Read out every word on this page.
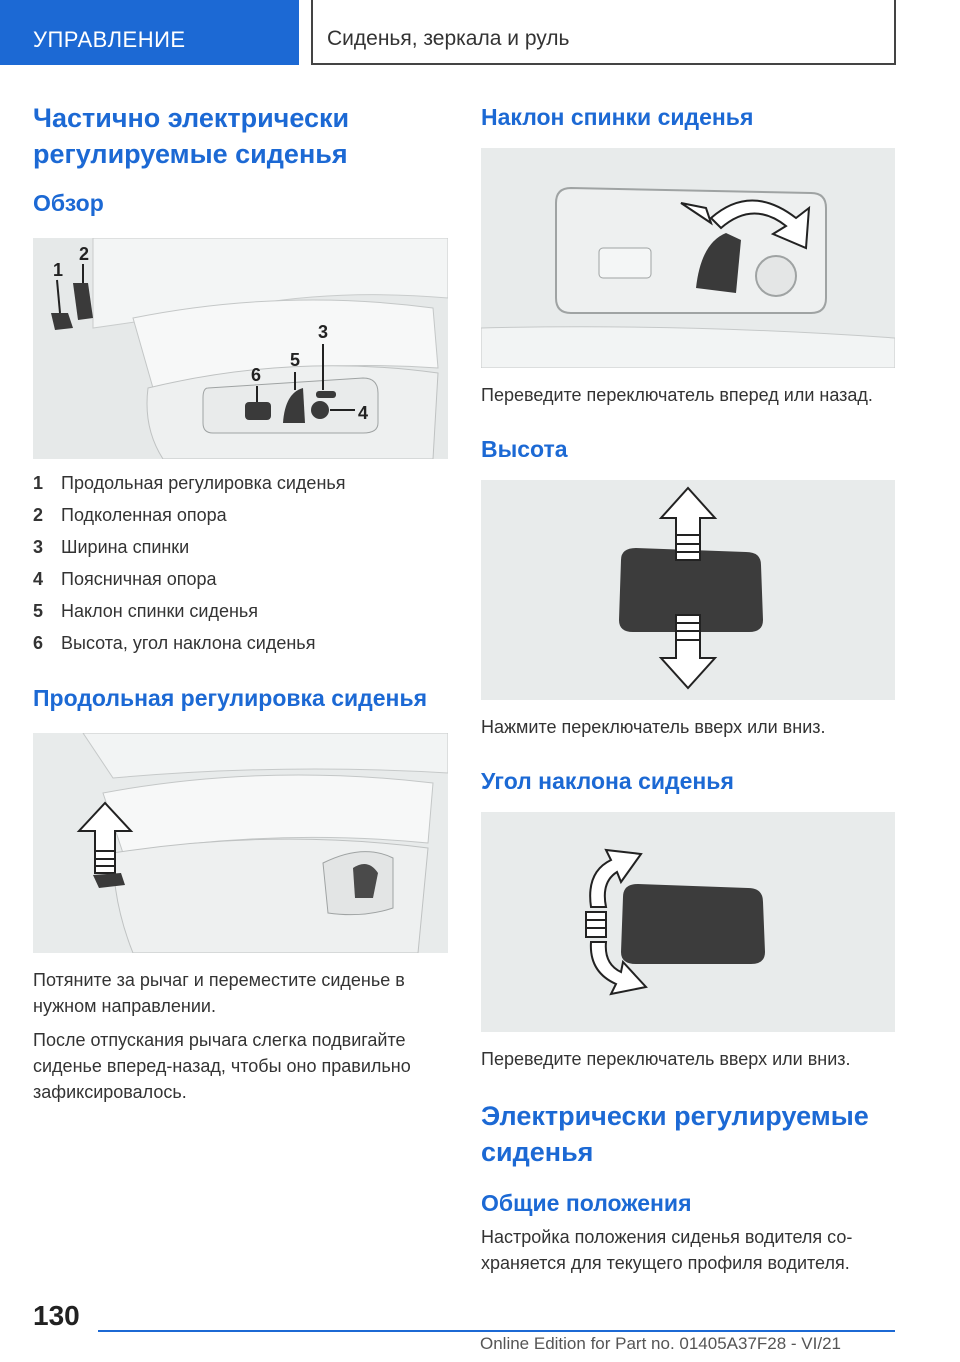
УПРАВЛЕНИЕ	Сиденья, зеркала и руль
Частично электрически регулируемые сиденья
Обзор
1
2
3
4
5
6
1 Продольная регулировка сиденья
2 Подколенная опора
3 Ширина спинки
4 Поясничная опора
5 Наклон спинки сиденья
6 Высота, угол наклона сиденья
Продольная регулировка сиденья
Потяните за рычаг и переместите сиденье в нужном направлении.
После отпускания рычага слегка подвигайте сиденье вперед-назад, чтобы оно правильно зафиксировалось.
Наклон спинки сиденья
Переведите переключатель вперед или назад.
Высота
Нажмите переключатель вверх или вниз.
Угол наклона сиденья
Переведите переключатель вверх или вниз.
Электрически регулируемые сиденья
Общие положения
Настройка положения сиденья водителя со-храняется для текущего профиля водителя.
130
Online Edition for Part no. 01405A37F28 - VI/21
